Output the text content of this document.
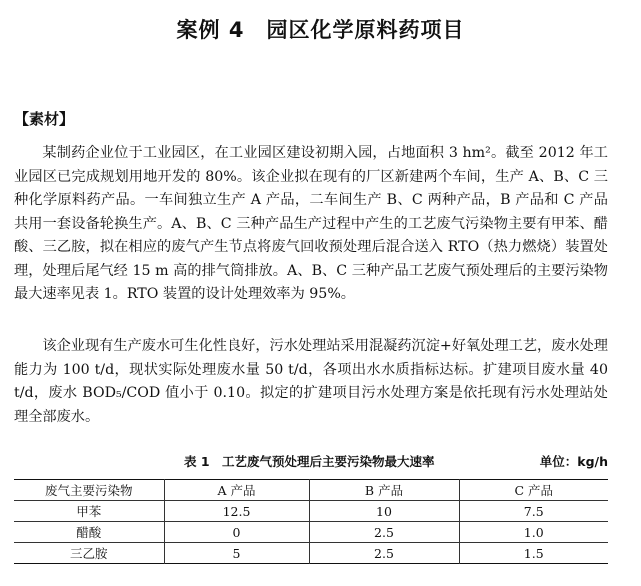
案例 4 园区化学原料药项目
【素材】

某制药企业位于工业园区，在工业园区建设初期入园，占地面积 3 hm²。截至 2012 年工业园区已完成规划用地开发的 80%。该企业拟在现有的厂区新建两个车间，生产 A、B、C 三种化学原料药产品。一车间独立生产 A 产品，二车间生产 B、C 两种产品，B 产品和 C 产品共用一套设备轮换生产。A、B、C 三种产品生产过程中产生的工艺废气污染物主要有甲苯、醋酸、三乙胺，拟在相应的废气产生节点将废气回收预处理后混合送入 RTO（热力燃烧）装置处理，处理后尾气经 15 m 高的排气筒排放。A、B、C 三种产品工艺废气预处理后的主要污染物最大速率见表 1。RTO 装置的设计处理效率为 95%。

该企业现有生产废水可生化性良好，污水处理站采用混凝药沉淀+好氧处理工艺，废水处理能力为 100 t/d，现状实际处理废水量 50 t/d，各项出水水质指标达标。扩建项目废水量 40 t/d，废水 BOD₅/COD 值小于 0.10。拟定的扩建项目污水处理方案是依托现有污水处理站处理全部废水。

表 1　工艺废气预处理后主要污染物最大速率	单位：kg/h
废气主要污染物	A 产品	B 产品	C 产品
甲苯	12.5	10	7.5
醋酸	0	2.5	1.0
三乙胺	5	2.5	1.5
